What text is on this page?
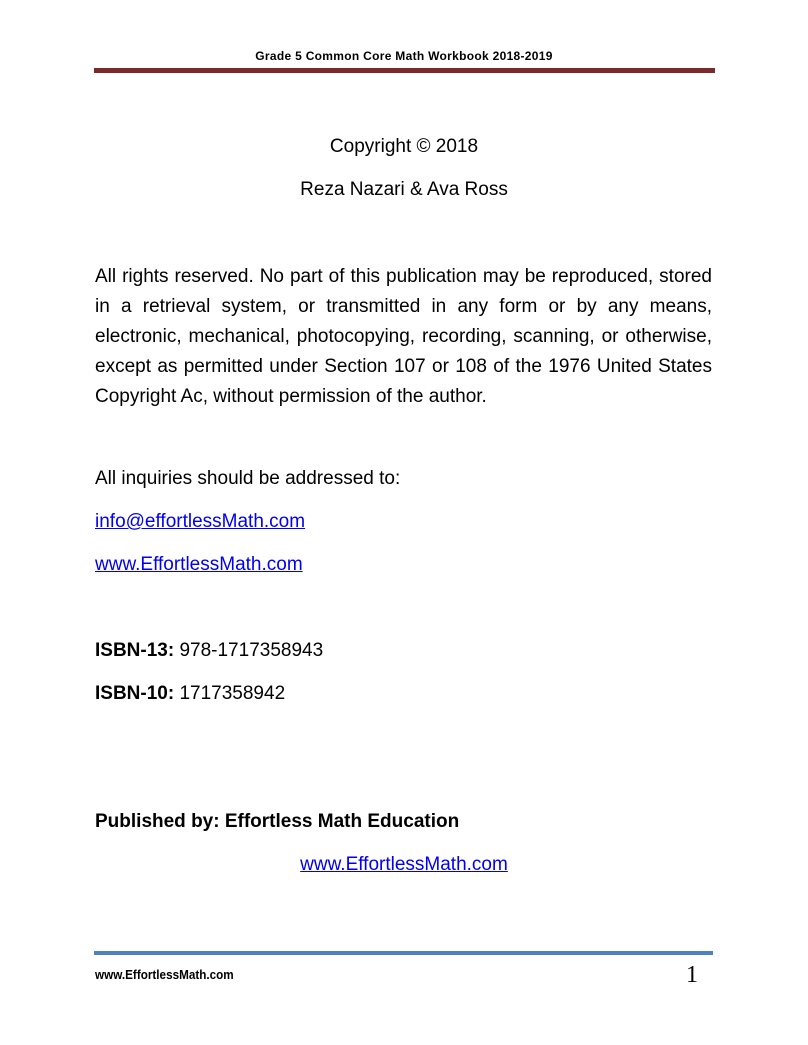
Grade 5 Common Core Math Workbook 2018-2019
Copyright © 2018
Reza Nazari & Ava Ross
All rights reserved. No part of this publication may be reproduced, stored in a retrieval system, or transmitted in any form or by any means, electronic, mechanical, photocopying, recording, scanning, or otherwise, except as permitted under Section 107 or 108 of the 1976 United States Copyright Ac, without permission of the author.
All inquiries should be addressed to:
info@effortlessMath.com
www.EffortlessMath.com
ISBN-13: 978-1717358943
ISBN-10: 1717358942
Published by: Effortless Math Education
www.EffortlessMath.com
www.EffortlessMath.com	1
